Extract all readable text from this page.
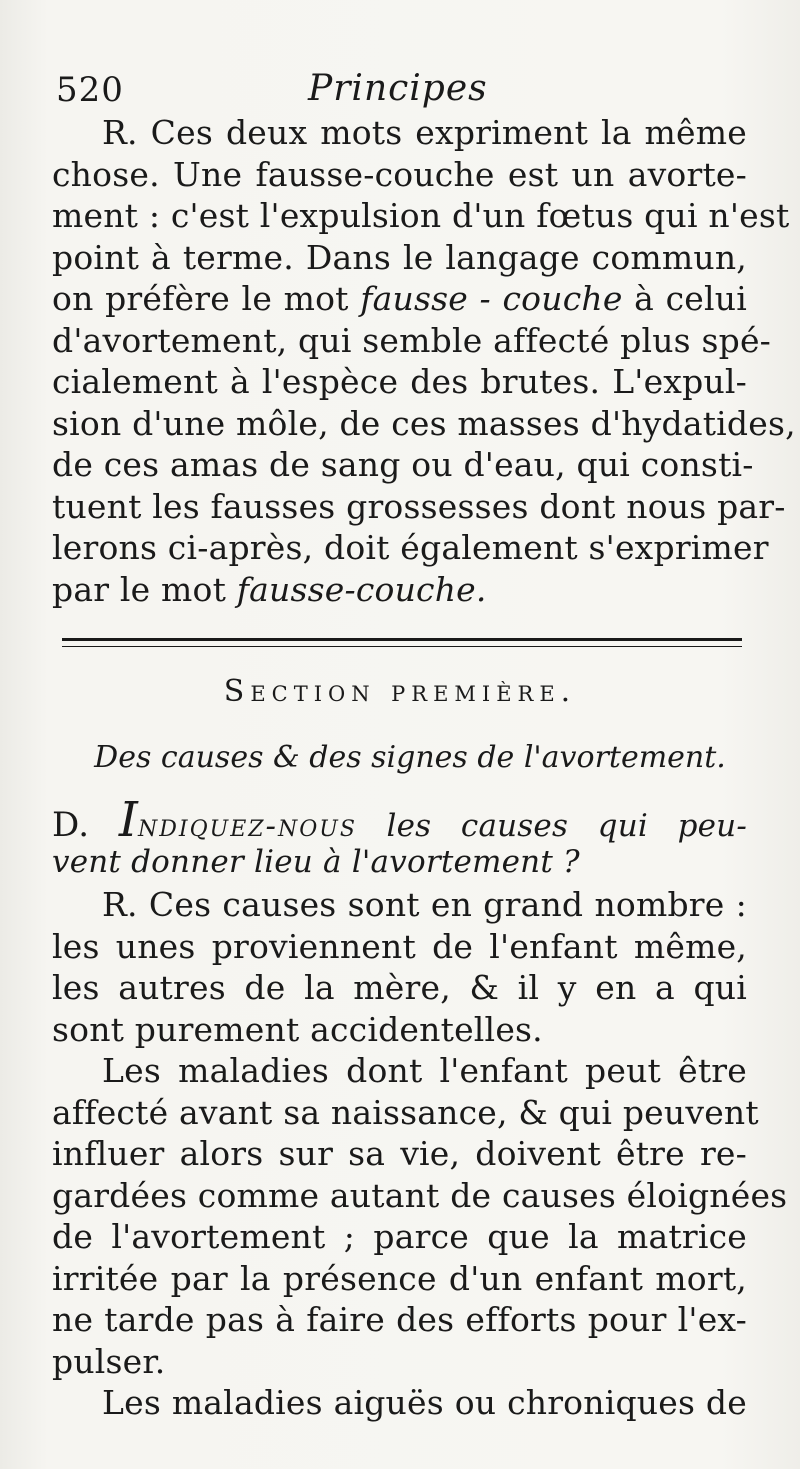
520	Principes
R. Ces deux mots expriment la même
chose. Une fausse-couche est un avorte-
ment : c'est l'expulsion d'un fœtus qui n'est
point à terme. Dans le langage commun,
on préfère le mot fausse - couche à celui
d'avortement, qui semble affecté plus spé-
cialement à l'espèce des brutes. L'expul-
sion d'une môle, de ces masses d'hydatides,
de ces amas de sang ou d'eau, qui consti-
tuent les fausses grossesses dont nous par-
lerons ci-après, doit également s'exprimer
par le mot fausse-couche.
Section première.
Des causes & des signes de l'avortement.
D. Indiquez-nous les causes qui peu-
vent donner lieu à l'avortement ?
R. Ces causes sont en grand nombre :
les unes proviennent de l'enfant même,
les autres de la mère, & il y en a qui
sont purement accidentelles.
Les maladies dont l'enfant peut être
affecté avant sa naissance, & qui peuvent
influer alors sur sa vie, doivent être re-
gardées comme autant de causes éloignées
de l'avortement ; parce que la matrice
irritée par la présence d'un enfant mort,
ne tarde pas à faire des efforts pour l'ex-
pulser.
Les maladies aiguës ou chroniques de
